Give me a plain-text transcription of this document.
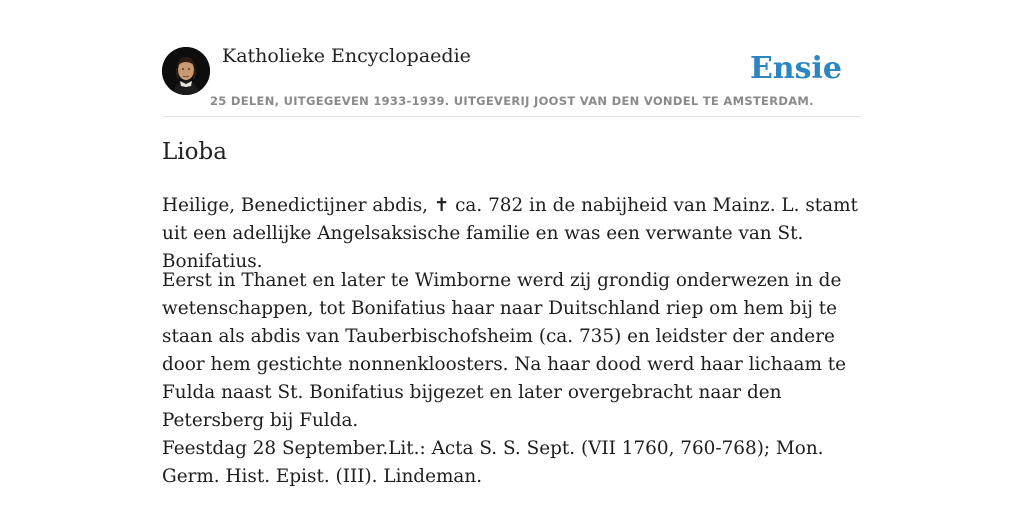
Katholieke Encyclopaedie
25 DELEN, UITGEGEVEN 1933-1939. UITGEVERIJ JOOST VAN DEN VONDEL TE AMSTERDAM.
Ensie
Lioba

Heilige, Benedictijner abdis, ✝ ca. 782 in de nabijheid van Mainz. L. stamt uit een adellijke Angelsaksische familie en was een verwante van St. Bonifatius.

Eerst in Thanet en later te Wimborne werd zij grondig onderwezen in de wetenschappen, tot Bonifatius haar naar Duitschland riep om hem bij te staan als abdis van Tauberbischofsheim (ca. 735) en leidster der andere door hem gestichte nonnenkloosters. Na haar dood werd haar lichaam te Fulda naast St. Bonifatius bijgezet en later overgebracht naar den Petersberg bij Fulda.

Feestdag 28 September.Lit.: Acta S. S. Sept. (VII 1760, 760-768); Mon. Germ. Hist. Epist. (III). Lindeman.
